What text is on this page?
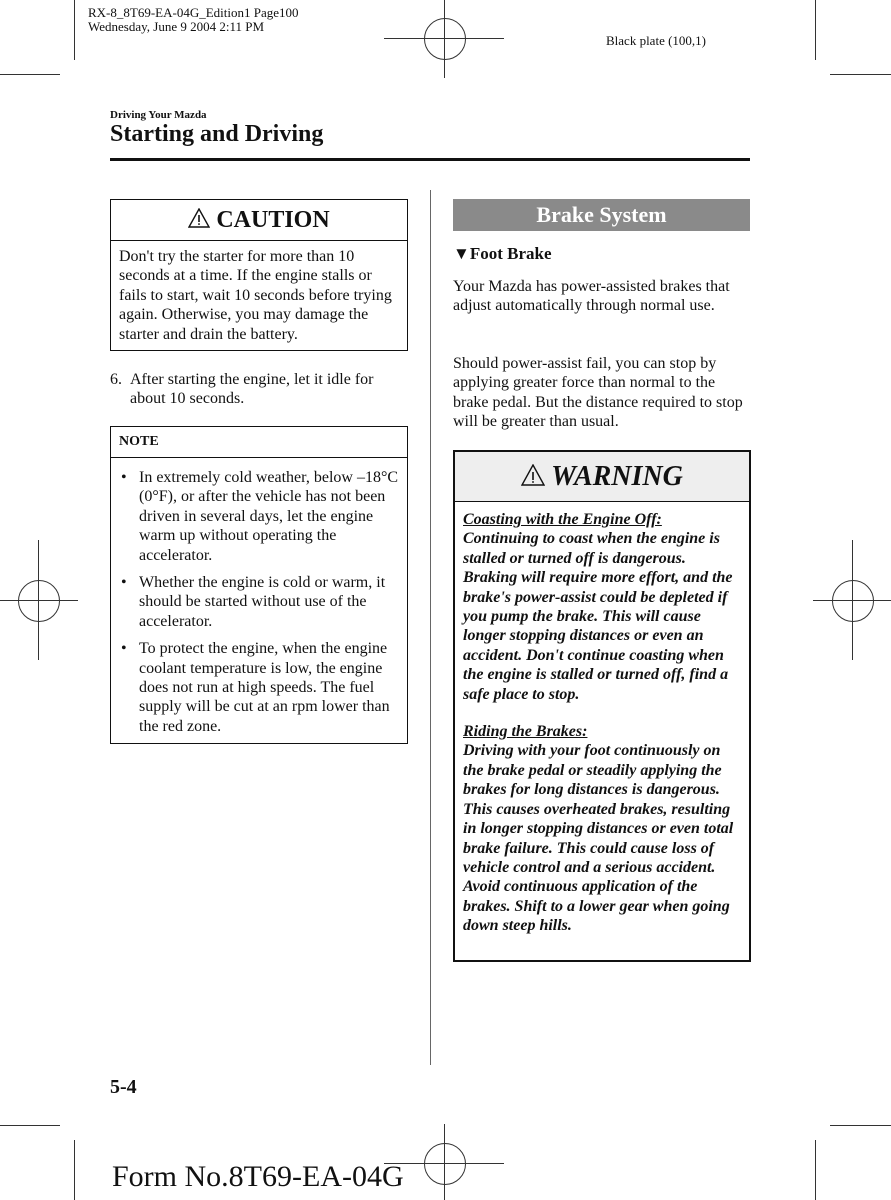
RX-8_8T69-EA-04G_Edition1 Page100
Wednesday, June 9 2004 2:11 PM
Black plate (100,1)
Driving Your Mazda
Starting and Driving
CAUTION
Don't try the starter for more than 10 seconds at a time. If the engine stalls or fails to start, wait 10 seconds before trying again. Otherwise, you may damage the starter and drain the battery.
6. After starting the engine, let it idle for about 10 seconds.
NOTE
• In extremely cold weather, below –18°C (0°F), or after the vehicle has not been driven in several days, let the engine warm up without operating the accelerator.
• Whether the engine is cold or warm, it should be started without use of the accelerator.
• To protect the engine, when the engine coolant temperature is low, the engine does not run at high speeds. The fuel supply will be cut at an rpm lower than the red zone.
Brake System
▼Foot Brake
Your Mazda has power-assisted brakes that adjust automatically through normal use.
Should power-assist fail, you can stop by applying greater force than normal to the brake pedal. But the distance required to stop will be greater than usual.
WARNING
Coasting with the Engine Off:
Continuing to coast when the engine is stalled or turned off is dangerous. Braking will require more effort, and the brake's power-assist could be depleted if you pump the brake. This will cause longer stopping distances or even an accident. Don't continue coasting when the engine is stalled or turned off, find a safe place to stop.
Riding the Brakes:
Driving with your foot continuously on the brake pedal or steadily applying the brakes for long distances is dangerous. This causes overheated brakes, resulting in longer stopping distances or even total brake failure. This could cause loss of vehicle control and a serious accident. Avoid continuous application of the brakes. Shift to a lower gear when going down steep hills.
5-4
Form No.8T69-EA-04G
